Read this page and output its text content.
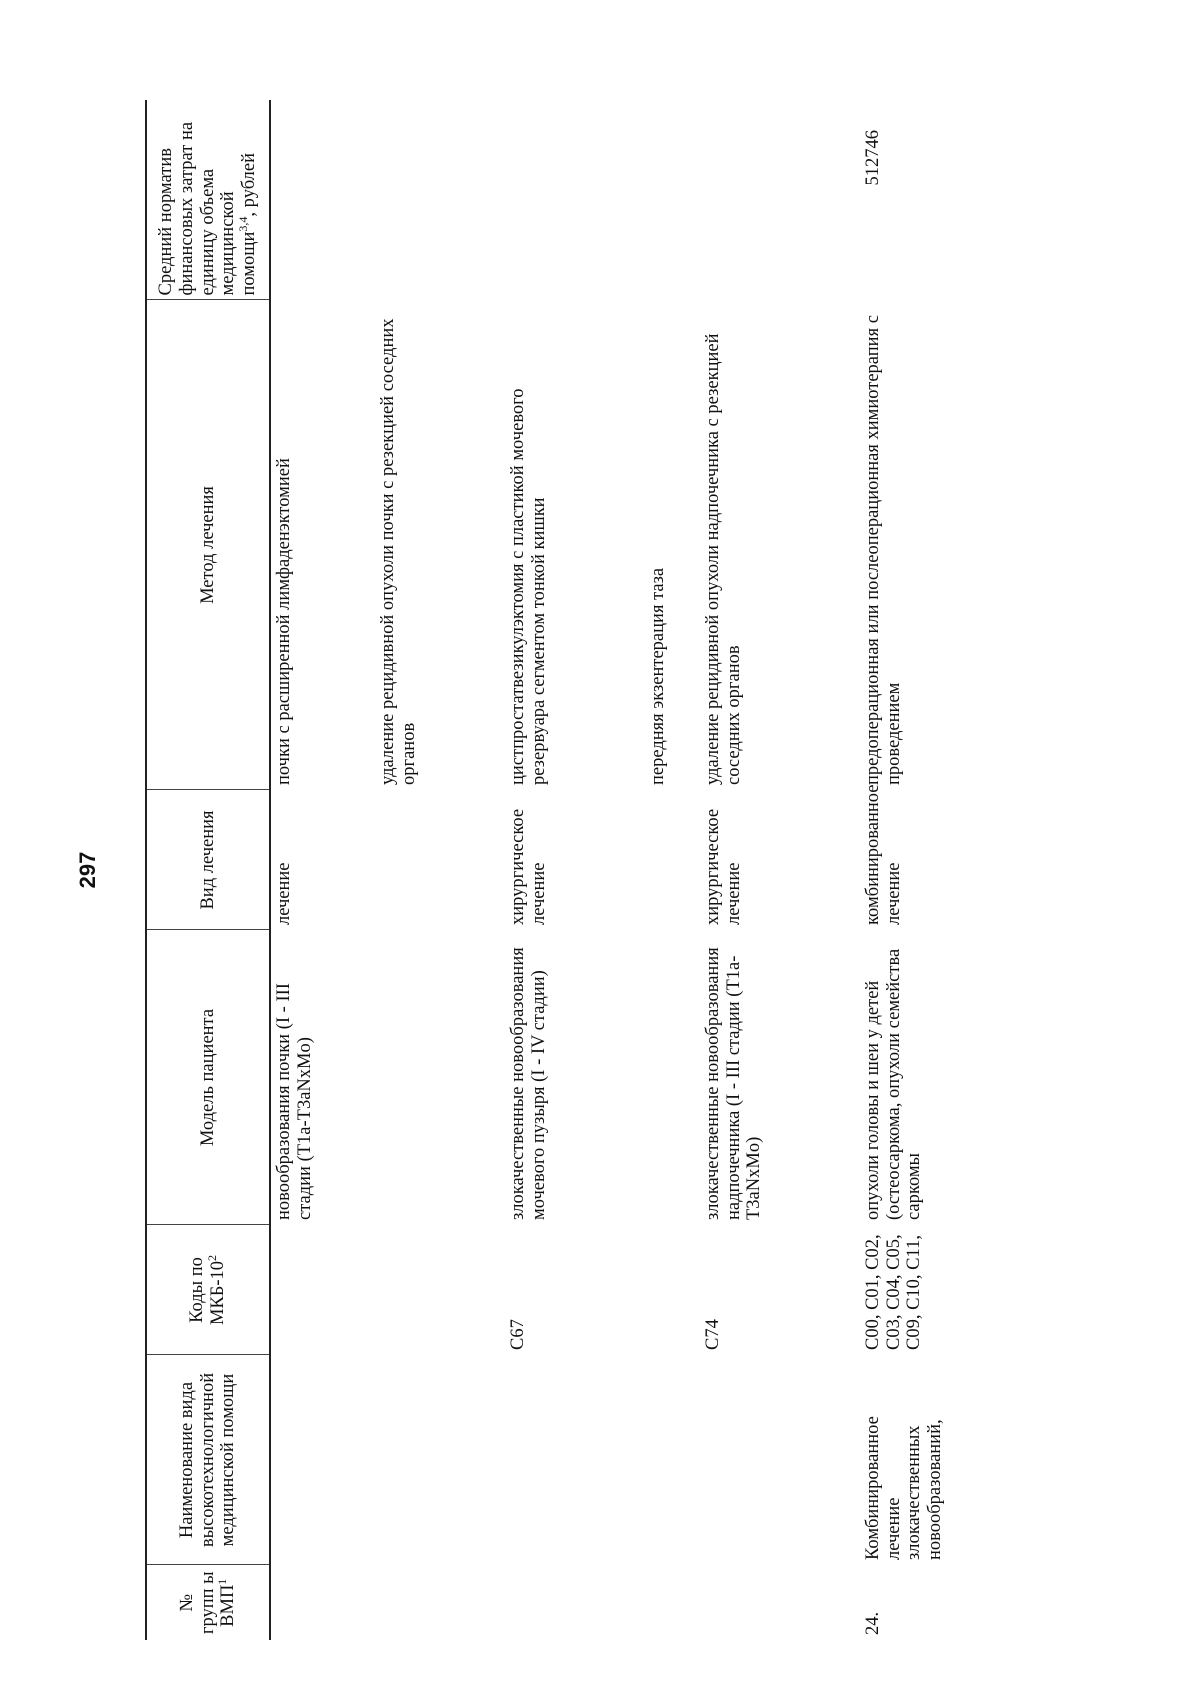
297
№ групп ы ВМП$^1$	Наименование вида высокотехнологичной медицинской помощи	Коды по МКБ-$10^2$	Модель пациента	Вид лечения	Метод лечения	Средний норматив финансовых затрат на единицу объема медицинской помощи$^{3,4}$, рублей
			новообразования почки (I - III стадии (T1a-T3aNxMo)	лечение	почки с расширенной лимфаденэктомией	
					удаление рецидивной опухоли почки с резекцией соседних органов	
		C67	злокачественные новообразования мочевого пузыря (I - IV стадии)	хирургическое лечение	цистпростатвезикулэктомия с пластикой мочевого резервуара сегментом тонкой кишки	
					передняя экзентерация таза	
		C74	злокачественные новообразования надпочечника (I - III стадии (T1a-T3aNxMo)	хирургическое лечение	удаление рецидивной опухоли надпочечника с резекцией соседних органов	
24.	Комбинированное лечение злокачественных новообразований,	C00, C01, C02, C03, C04, C05, C09, C10, C11,	опухоли головы и шеи у детей (остеосаркома, опухоли семейства саркомы	комбинированное лечение	предоперационная или послеоперационная химиотерапия с проведением	512746
